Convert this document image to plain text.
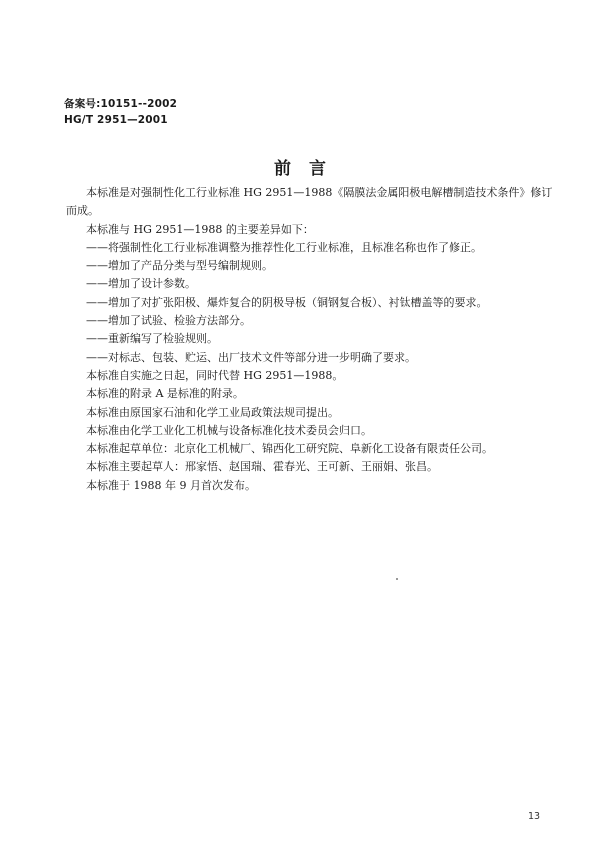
备案号:10151--2002
HG/T 2951—2001
前言

本标准是对强制性化工行业标准 HG 2951—1988《隔膜法金属阳极电解槽制造技术条件》修订

而成。

本标准与 HG 2951—1988 的主要差异如下：

——将强制性化工行业标准调整为推荐性化工行业标准，且标准名称也作了修正。

——增加了产品分类与型号编制规则。

——增加了设计参数。

——增加了对扩张阳极、爆炸复合的阴极导板（铜钢复合板）、衬钛槽盖等的要求。

——增加了试验、检验方法部分。

——重新编写了检验规则。

——对标志、包装、贮运、出厂技术文件等部分进一步明确了要求。

本标准自实施之日起，同时代替 HG 2951—1988。

本标准的附录 A 是标准的附录。

本标准由原国家石油和化学工业局政策法规司提出。

本标准由化学工业化工机械与设备标准化技术委员会归口。

本标准起草单位：北京化工机械厂、锦西化工研究院、阜新化工设备有限责任公司。

本标准主要起草人：邢家悟、赵国瑞、霍春光、王可新、王丽娟、张昌。

本标准于 1988 年 9 月首次发布。

13
